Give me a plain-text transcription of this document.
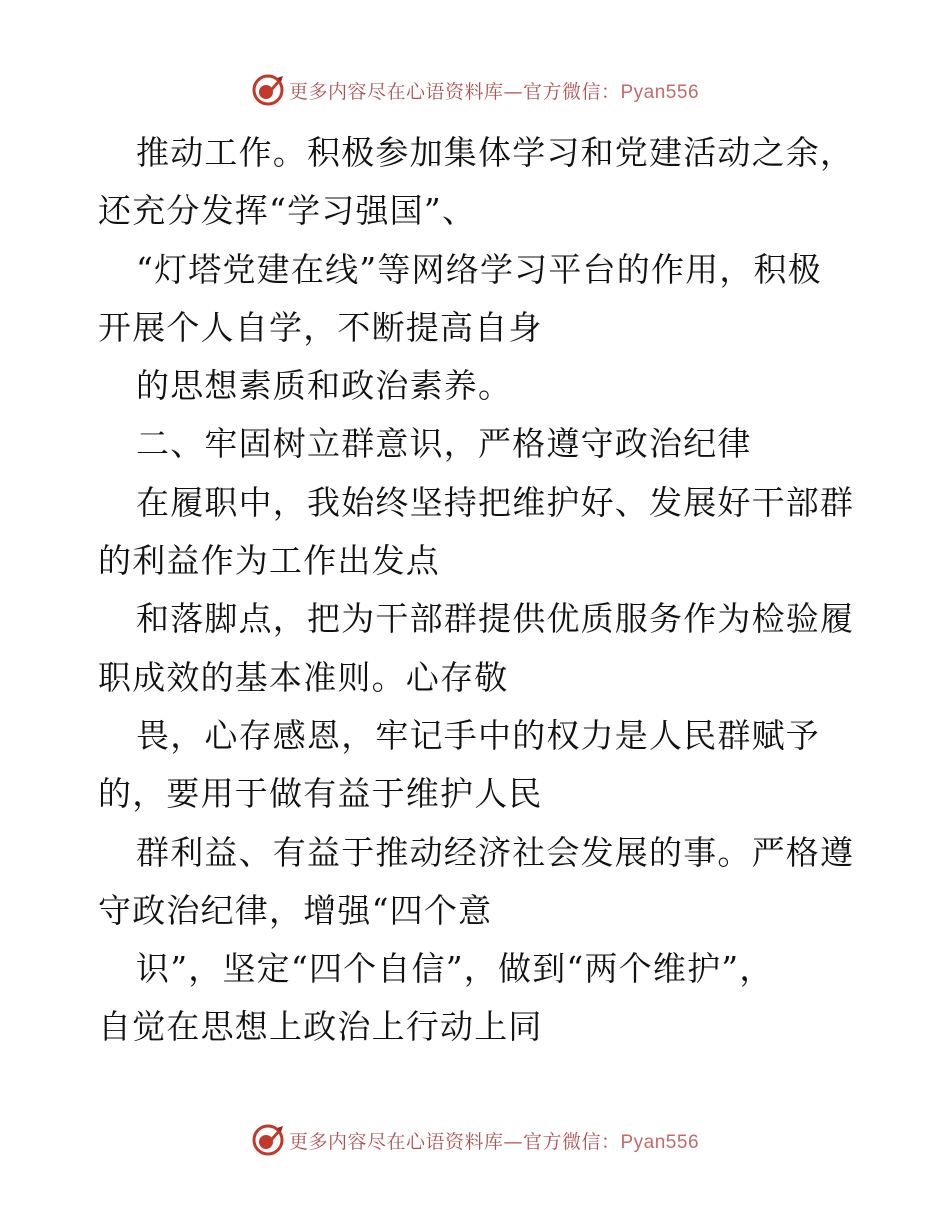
更多内容尽在心语资料库—官方微信：Pyan556
推动工作。积极参加集体学习和党建活动之余，
还充分发挥“学习强国”、
“灯塔党建在线”等网络学习平台的作用，积极
开展个人自学，不断提高自身
的思想素质和政治素养。
二、牢固树立群意识，严格遵守政治纪律
在履职中，我始终坚持把维护好、发展好干部群
的利益作为工作出发点
和落脚点，把为干部群提供优质服务作为检验履
职成效的基本准则。心存敬
畏，心存感恩，牢记手中的权力是人民群赋予
的，要用于做有益于维护人民
群利益、有益于推动经济社会发展的事。严格遵
守政治纪律，增强“四个意
识”，坚定“四个自信”，做到“两个维护”，
自觉在思想上政治上行动上同
更多内容尽在心语资料库—官方微信：Pyan556
